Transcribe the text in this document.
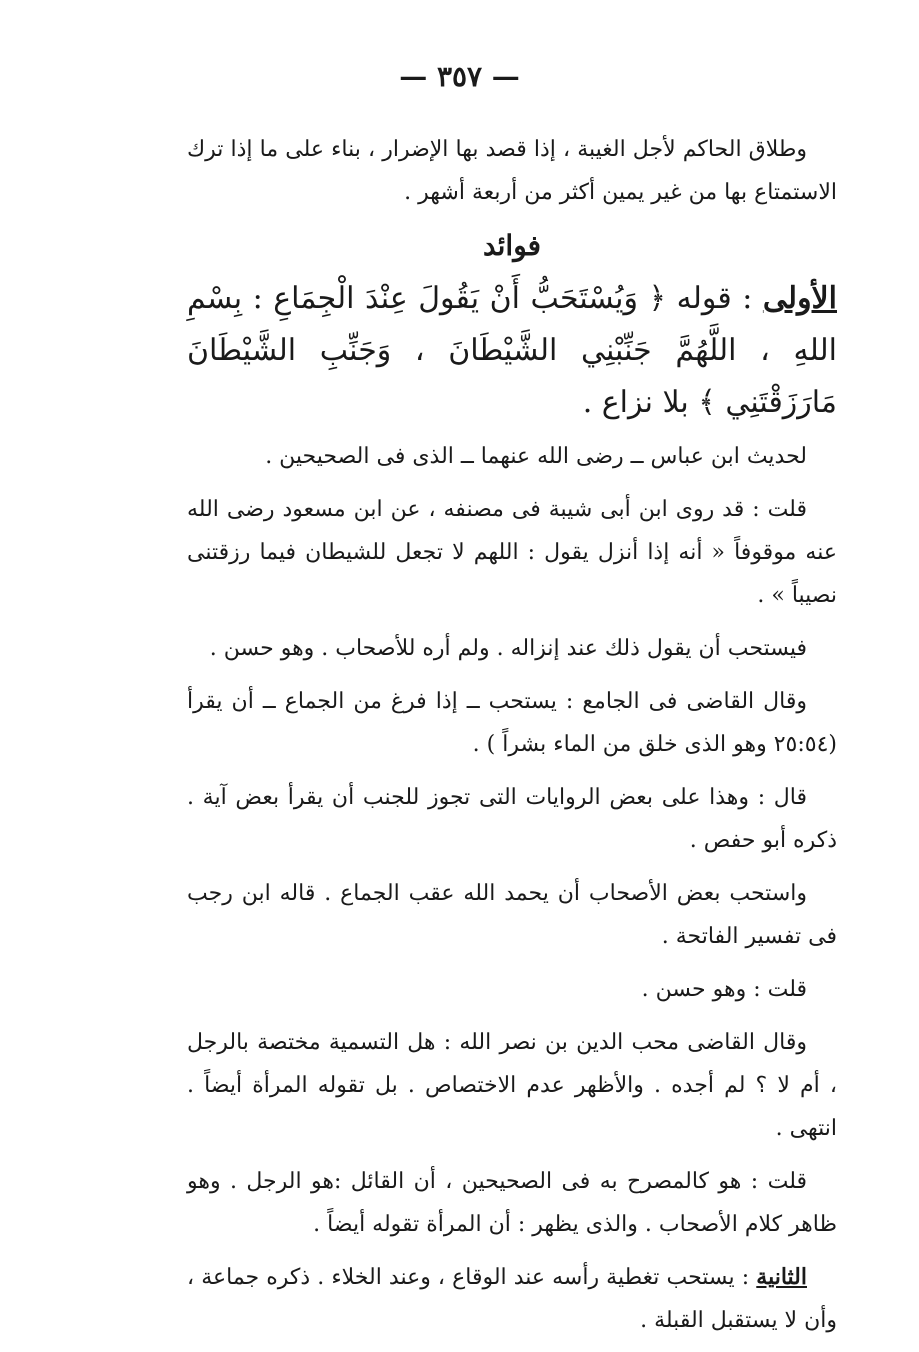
— ٣٥٧ —

وطلاق الحاكم لأجل الغيبة ، إذا قصد بها الإضرار ، بناء على ما إذا ترك الاستمتاع بها من غير يمين أكثر من أربعة أشهر .

فوائد

الأولى : قوله ﴿ وَيُسْتَحَبُّ أَنْ يَقُولَ عِنْدَ الْجِمَاعِ : بِسْمِ اللهِ ، اللَّهُمَّ جَنِّبْنِي الشَّيْطَانَ ، وَجَنِّبِ الشَّيْطَانَ مَارَزَقْتَنِي ﴾ بلا نزاع .

لحديث ابن عباس ــ رضى الله عنهما ــ الذى فى الصحيحين .

قلت : قد روى ابن أبى شيبة فى مصنفه ، عن ابن مسعود رضى الله عنه موقوفاً « أنه إذا أنزل يقول : اللهم لا تجعل للشيطان فيما رزقتنى نصيباً » .

فيستحب أن يقول ذلك عند إنزاله . ولم أره للأصحاب . وهو حسن .

وقال القاضى فى الجامع : يستحب ــ إذا فرغ من الجماع ــ أن يقرأ (٢٥:٥٤ وهو الذى خلق من الماء بشراً ) .

قال : وهذا على بعض الروايات التى تجوز للجنب أن يقرأ بعض آية . ذكره أبو حفص .

واستحب بعض الأصحاب أن يحمد الله عقب الجماع . قاله ابن رجب فى تفسير الفاتحة .

قلت : وهو حسن .

وقال القاضى محب الدين بن نصر الله : هل التسمية مختصة بالرجل ، أم لا ؟ لم أجده . والأظهر عدم الاختصاص . بل تقوله المرأة أيضاً . انتهى .

قلت : هو كالمصرح به فى الصحيحين ، أن القائل :هو الرجل . وهو ظاهر كلام الأصحاب . والذى يظهر : أن المرأة تقوله أيضاً .

الثانية : يستحب تغطية رأسه عند الوقاع ، وعند الخلاء . ذكره جماعة ، وأن لا يستقبل القبلة .
